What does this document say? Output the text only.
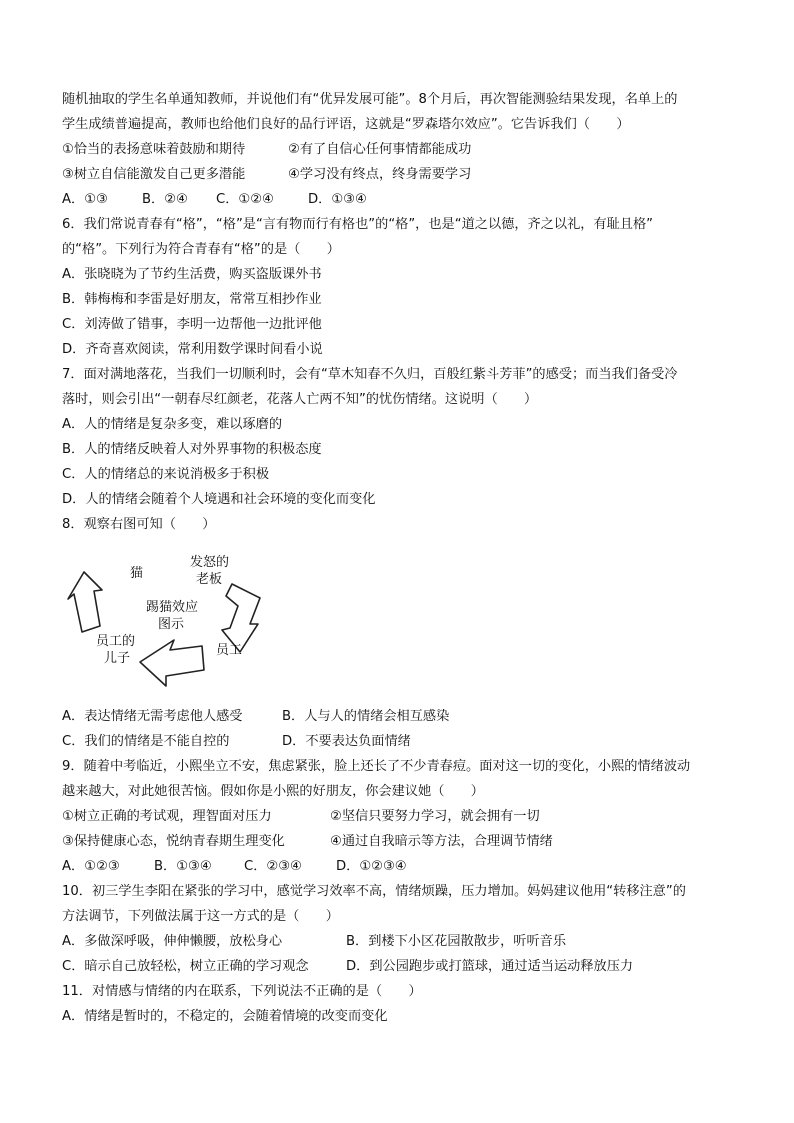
随机抽取的学生名单通知教师，并说他们有“优异发展可能”。8个月后，再次智能测验结果发现，名单上的
学生成绩普遍提高，教师也给他们良好的品行评语，这就是“罗森塔尔效应”。它告诉我们（　　）
①恰当的表扬意味着鼓励和期待	②有了自信心任何事情都能成功
③树立自信能激发自己更多潜能	④学习没有终点，终身需要学习
A．①③	B．②④ C．①②④	D．①③④
6．我们常说青春有“格”，“格”是“言有物而行有格也”的“格”，也是“道之以德，齐之以礼，有耻且格”
的“格”。下列行为符合青春有“格”的是（　　）
A．张晓晓为了节约生活费，购买盗版课外书
B．韩梅梅和李雷是好朋友，常常互相抄作业
C．刘涛做了错事，李明一边帮他一边批评他
D．齐奇喜欢阅读，常利用数学课时间看小说
7．面对满地落花，当我们一切顺利时，会有“草木知春不久归，百般红紫斗芳菲”的感受；而当我们备受冷
落时，则会引出“一朝春尽红颜老，花落人亡两不知”的忧伤情绪。这说明（　　）
A．人的情绪是复杂多变，难以琢磨的
B．人的情绪反映着人对外界事物的积极态度
C．人的情绪总的来说消极多于积极
D．人的情绪会随着个人境遇和社会环境的变化而变化
8．观察右图可知（　　）
猫
发怒的
老板
踢猫效应
图示
员工
员工的
儿子
A．表达情绪无需考虑他人感受	B．人与人的情绪会相互感染
C．我们的情绪是不能自控的	D．不要表达负面情绪
9．随着中考临近，小熙坐立不安，焦虑紧张，脸上还长了不少青春痘。面对这一切的变化，小熙的情绪波动
越来越大，对此她很苦恼。假如你是小熙的好朋友，你会建议她（　　）
①树立正确的考试观，理智面对压力	②坚信只要努力学习，就会拥有一切
③保持健康心态，悦纳青春期生理变化	④通过自我暗示等方法，合理调节情绪
A．①②③	B．①③④ C．②③④	D．①②③④
10．初三学生李阳在紧张的学习中，感觉学习效率不高，情绪烦躁，压力增加。妈妈建议他用“转移注意”的
方法调节，下列做法属于这一方式的是（　　）
A．多做深呼吸，伸伸懒腰，放松身心	B．到楼下小区花园散散步，听听音乐
C．暗示自己放轻松，树立正确的学习观念	D．到公园跑步或打篮球，通过适当运动释放压力
11．对情感与情绪的内在联系，下列说法不正确的是（　　）
A．情绪是暂时的，不稳定的，会随着情境的改变而变化
